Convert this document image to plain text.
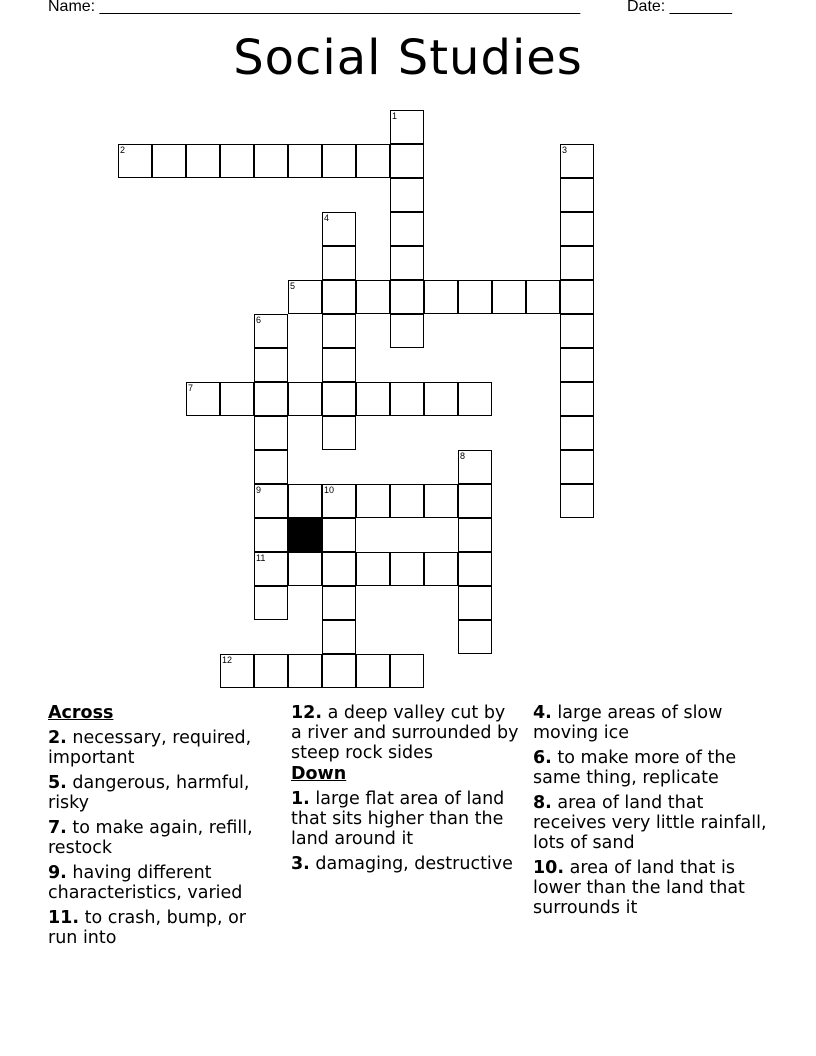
Name: ______________________________________________________	Date: _______
Social Studies
1
2	3
4
5
6
9
11
7
8
10
12
Across
2. necessary, required, important
5. dangerous, harmful, risky
7. to make again, refill, restock
9. having different characteristics, varied
11. to crash, bump, or run into
12. a deep valley cut by a river and surrounded by steep rock sides
Down
1. large flat area of land that sits higher than the land around it
3. damaging, destructive
4. large areas of slow moving ice
6. to make more of the same thing, replicate
8. area of land that receives very little rainfall, lots of sand
10. area of land that is lower than the land that surrounds it
